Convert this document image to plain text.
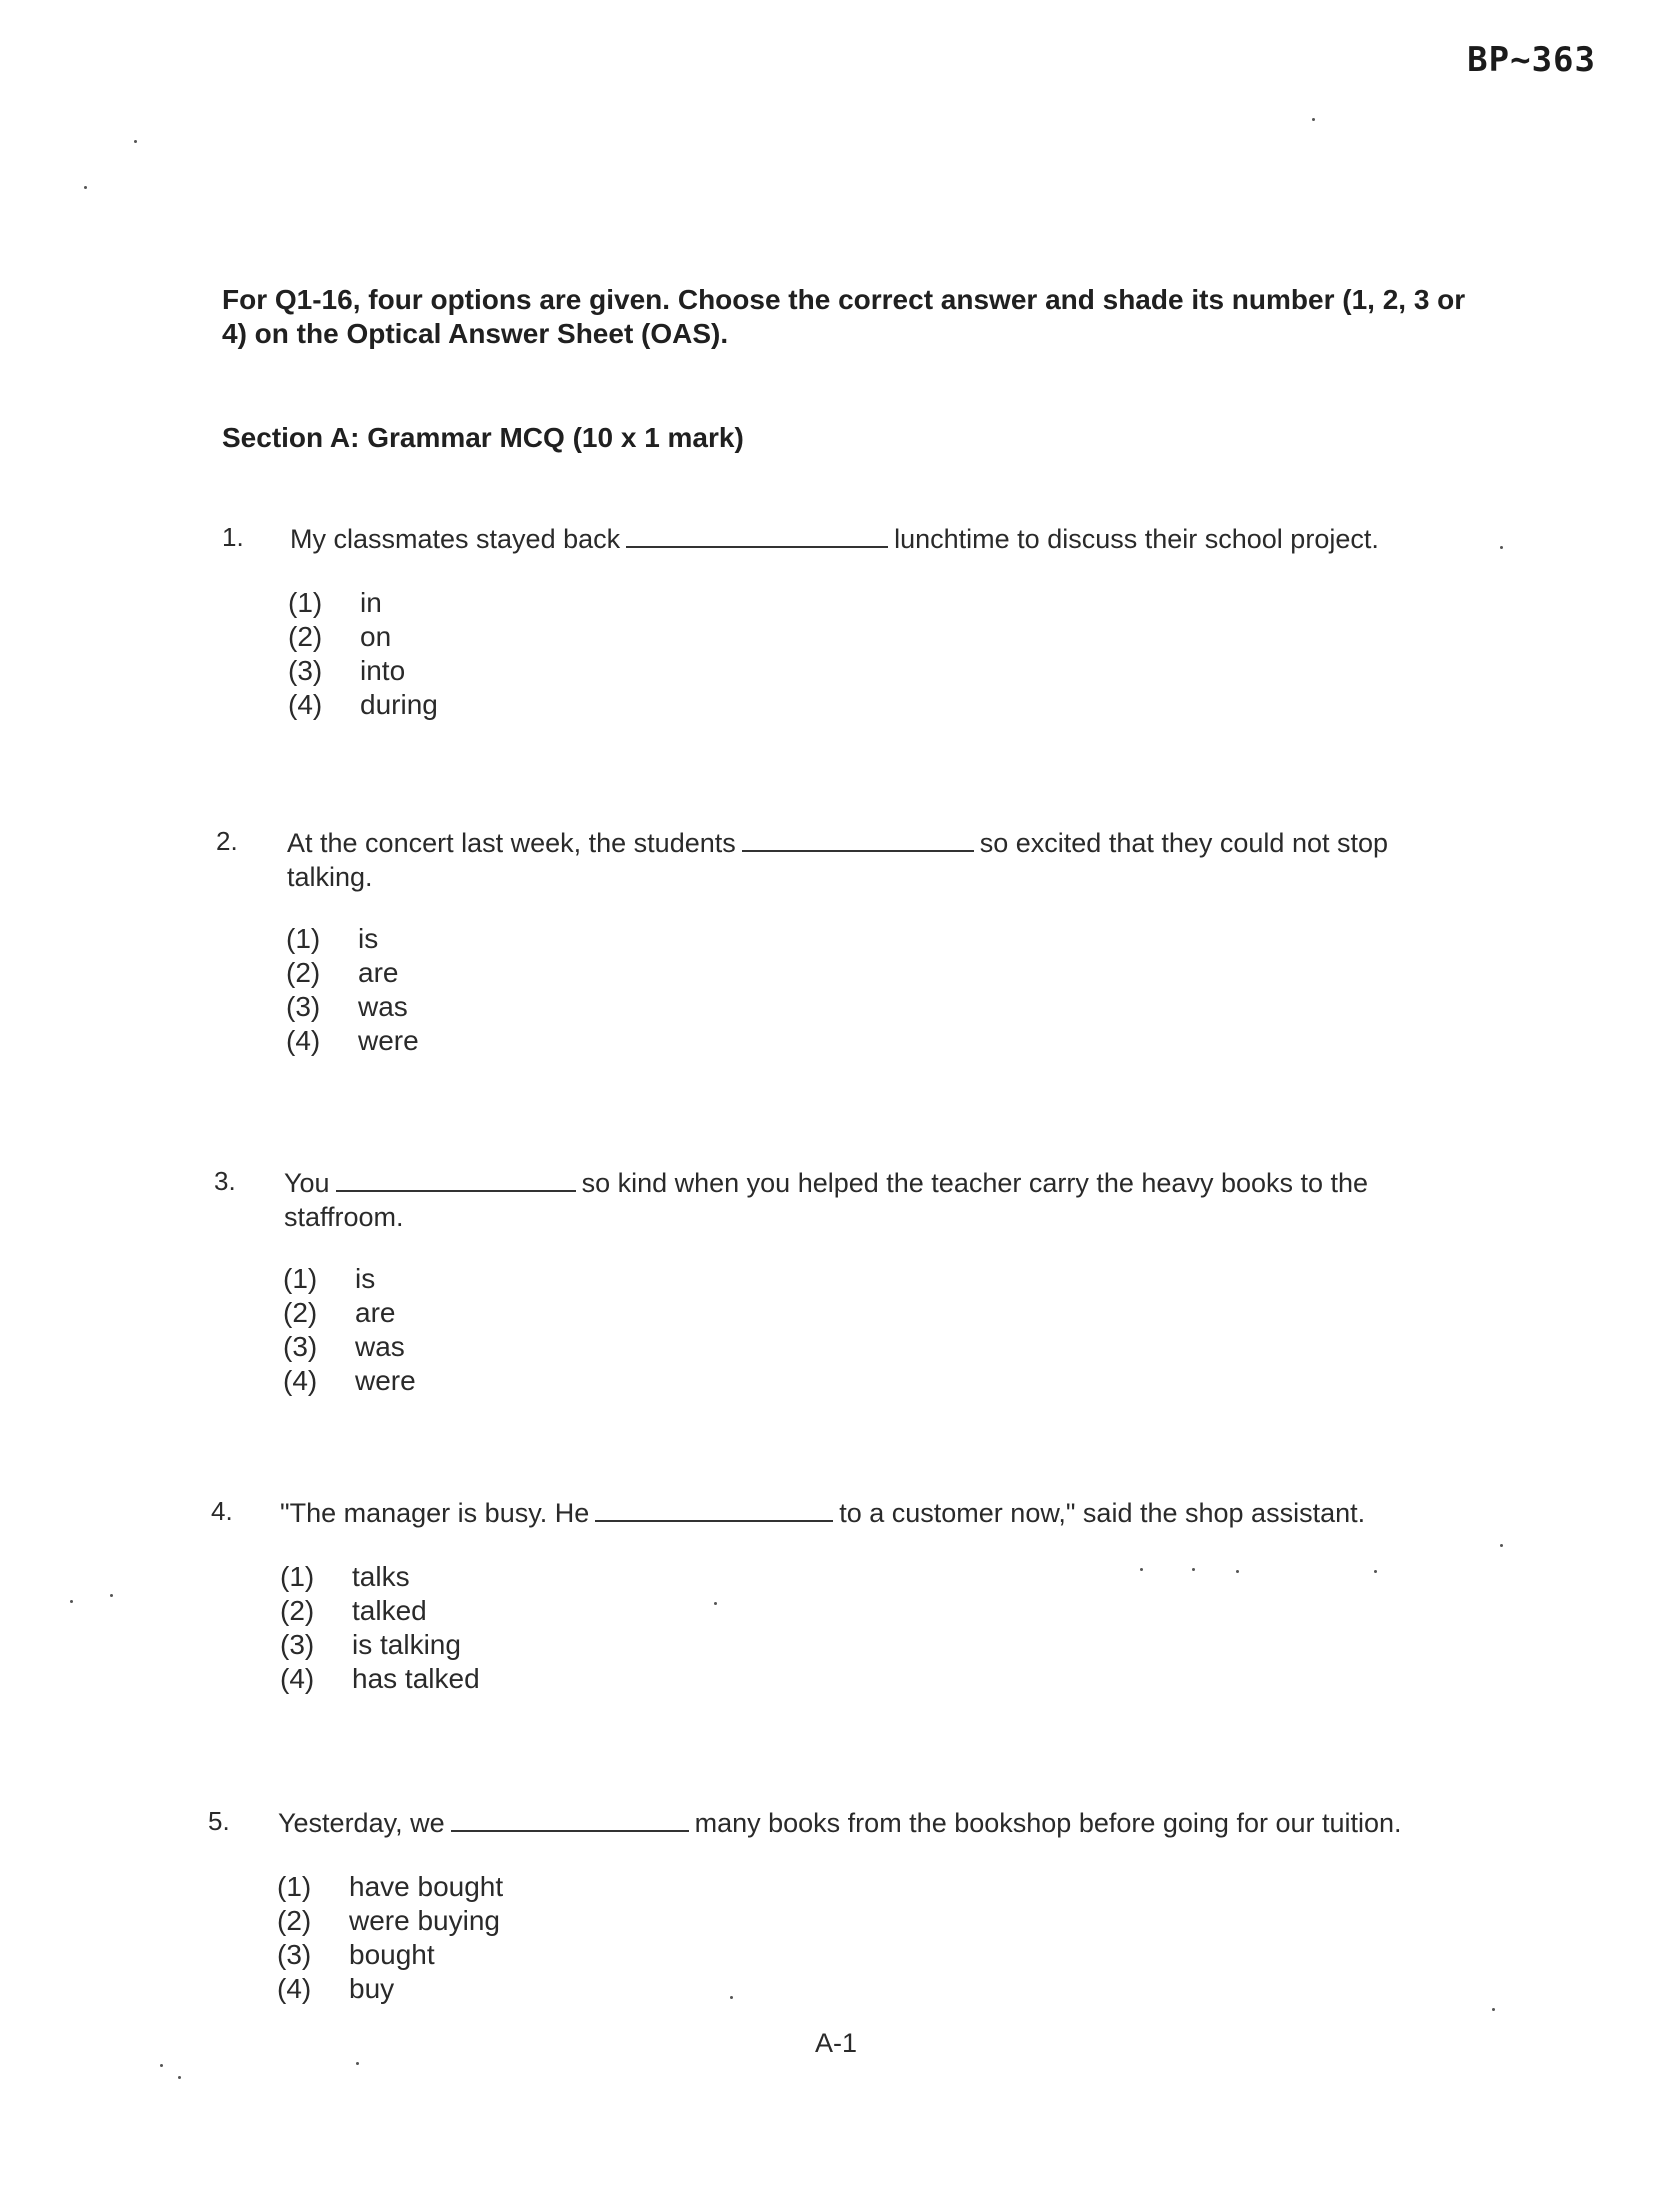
BP~363
For Q1-16, four options are given. Choose the correct answer and shade its number (1, 2, 3 or 4) on the Optical Answer Sheet (OAS).
Section A: Grammar MCQ (10 x 1 mark)
1. My classmates stayed back	lunchtime to discuss their school project.
(1) in
(2) on
(3) into
(4) during
2. At the concert last week, the students	so excited that they could not stop talking.
(1) is
(2) are
(3) was
(4) were
3. You	so kind when you helped the teacher carry the heavy books to the staffroom.
(1) is
(2) are
(3) was
(4) were
4. "The manager is busy. He	to a customer now," said the shop assistant.
(1) talks
(2) talked
(3) is talking
(4) has talked
5. Yesterday, we	many books from the bookshop before going for our tuition.
(1) have bought
(2) were buying
(3) bought
(4) buy
A-1
